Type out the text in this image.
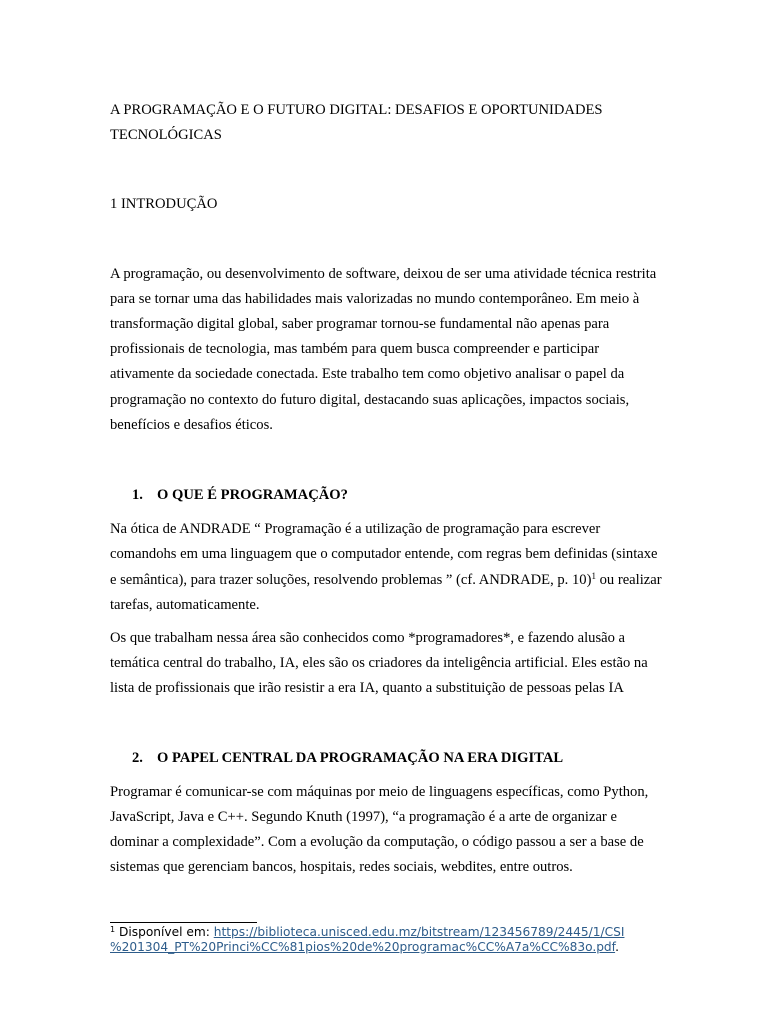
A PROGRAMAÇÃO E O FUTURO DIGITAL: DESAFIOS E OPORTUNIDADES
TECNOLÓGICAS
1 INTRODUÇÃO
A programação, ou desenvolvimento de software, deixou de ser uma atividade técnica restrita
para se tornar uma das habilidades mais valorizadas no mundo contemporâneo. Em meio à
transformação digital global, saber programar tornou-se fundamental não apenas para
profissionais de tecnologia, mas também para quem busca compreender e participar
ativamente da sociedade conectada. Este trabalho tem como objetivo analisar o papel da
programação no contexto do futuro digital, destacando suas aplicações, impactos sociais,
benefícios e desafios éticos.
1. O QUE É PROGRAMAÇÃO?
Na ótica de ANDRADE “ Programação é a utilização de programação para escrever
comandohs em uma linguagem que o computador entende, com regras bem definidas (sintaxe
e semântica), para trazer soluções, resolvendo problemas ” (cf. ANDRADE, p. 10)$^1$ ou realizar
tarefas, automaticamente.
Os que trabalham nessa área são conhecidos como *programadores*, e fazendo alusão a
temática central do trabalho, IA, eles são os criadores da inteligência artificial. Eles estão na
lista de profissionais que irão resistir a era IA, quanto a substituição de pessoas pelas IA
2. O PAPEL CENTRAL DA PROGRAMAÇÃO NA ERA DIGITAL
Programar é comunicar-se com máquinas por meio de linguagens específicas, como Python,
JavaScript, Java e C++. Segundo Knuth (1997), “a programação é a arte de organizar e
dominar a complexidade”. Com a evolução da computação, o código passou a ser a base de
sistemas que gerenciam bancos, hospitais, redes sociais, webdites, entre outros.
$^1$ Disponível em: https://biblioteca.unisced.edu.mz/bitstream/123456789/2445/1/CSI
%201304_PT%20Princi%CC%81pios%20de%20programac%CC%A7a%CC%83o.pdf.
